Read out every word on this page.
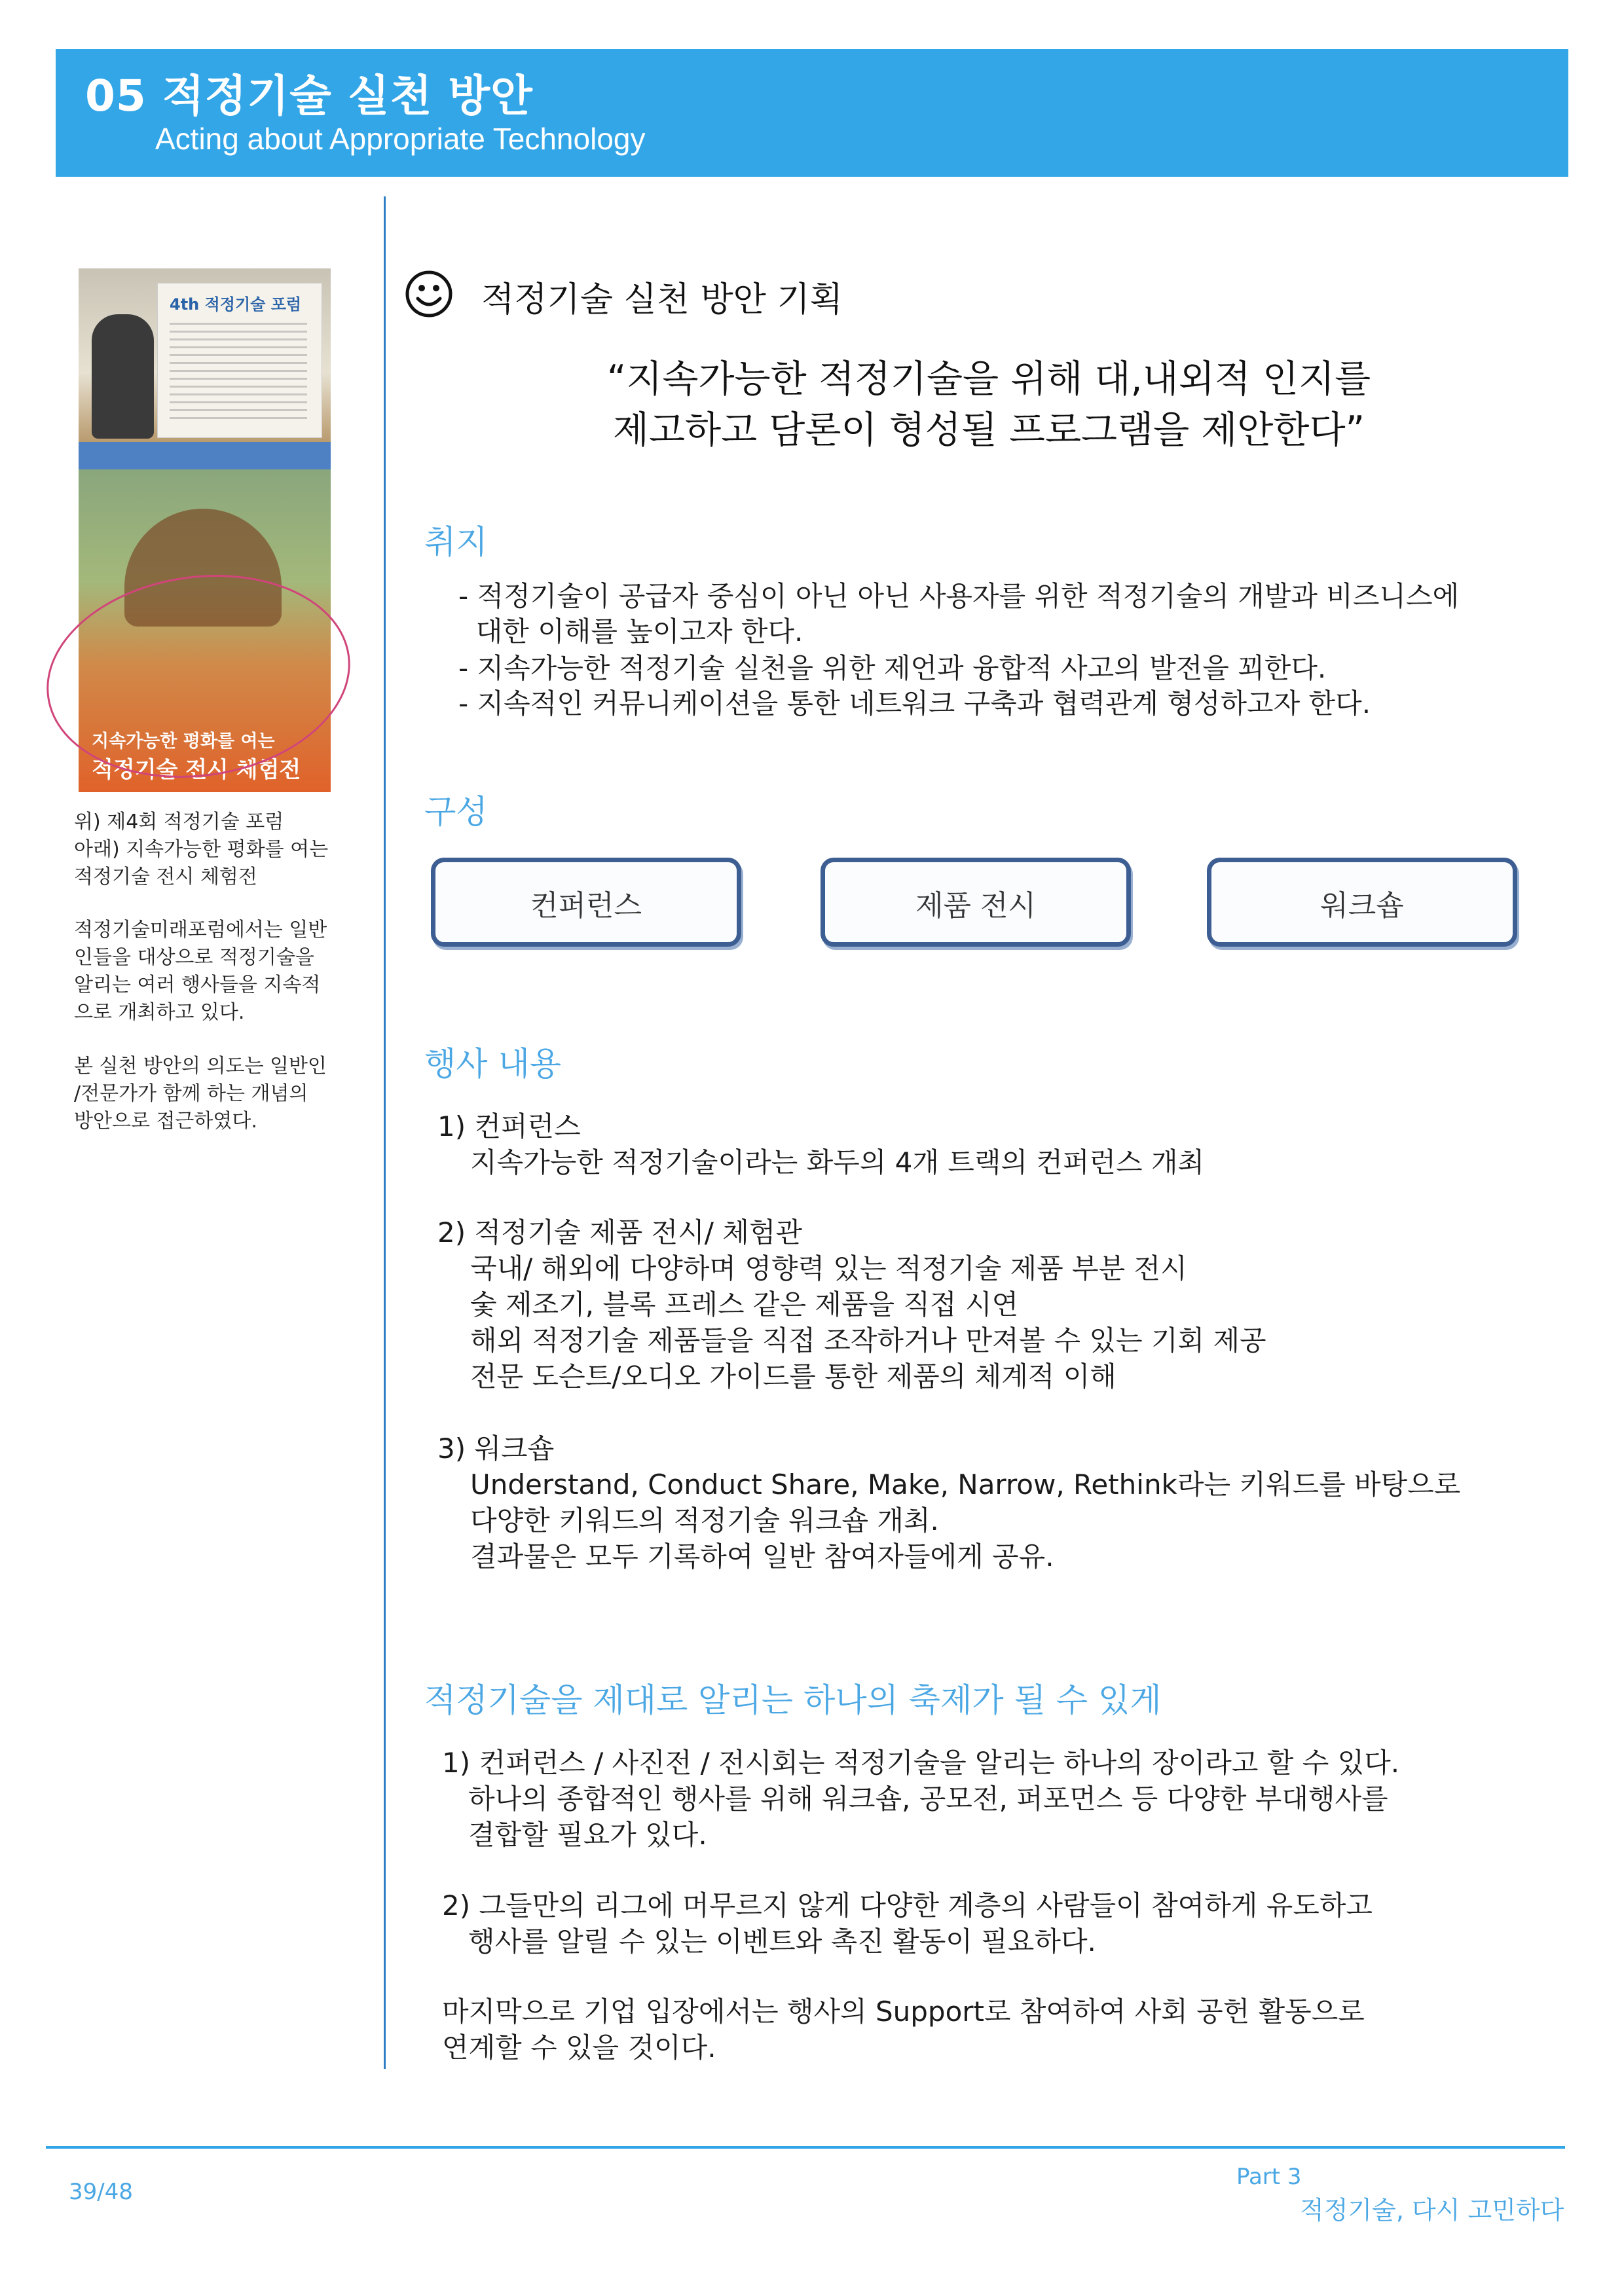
05 적정기술 실천 방안
Acting about Appropriate Technology
4th 적정기술 포럼
지속가능한 평화를 여는
적정기술 전시 체험전
위) 제4회 적정기술 포럼
아래) 지속가능한 평화를 여는
적정기술 전시 체험전
적정기술미래포럼에서는 일반
인들을 대상으로 적정기술을
알리는 여러 행사들을 지속적
으로 개최하고 있다.
본 실천 방안의 의도는 일반인
/전문가가 함께 하는 개념의
방안으로 접근하였다.
적정기술 실천 방안 기획
“지속가능한 적정기술을 위해 대,내외적 인지를
제고하고 담론이 형성될 프로그램을 제안한다”
취지
- 적정기술이 공급자 중심이 아닌 아닌 사용자를 위한 적정기술의 개발과 비즈니스에
대한 이해를 높이고자 한다.
- 지속가능한 적정기술 실천을 위한 제언과 융합적 사고의 발전을 꾀한다.
- 지속적인 커뮤니케이션을 통한 네트워크 구축과 협력관계 형성하고자 한다.
구성
컨퍼런스	제품 전시	워크숍
행사 내용
1) 컨퍼런스
지속가능한 적정기술이라는 화두의 4개 트랙의 컨퍼런스 개최
2) 적정기술 제품 전시/ 체험관
국내/ 해외에 다양하며 영향력 있는 적정기술 제품 부분 전시
숯 제조기, 블록 프레스 같은 제품을 직접 시연
해외 적정기술 제품들을 직접 조작하거나 만져볼 수 있는 기회 제공
전문 도슨트/오디오 가이드를 통한 제품의 체계적 이해
3) 워크숍
Understand, Conduct Share, Make, Narrow, Rethink라는 키워드를 바탕으로
다양한 키워드의 적정기술 워크숍 개최.
결과물은 모두 기록하여 일반 참여자들에게 공유.
적정기술을 제대로 알리는 하나의 축제가 될 수 있게
1) 컨퍼런스 / 사진전 / 전시회는 적정기술을 알리는 하나의 장이라고 할 수 있다.
하나의 종합적인 행사를 위해 워크숍, 공모전, 퍼포먼스 등 다양한 부대행사를
결합할 필요가 있다.
2) 그들만의 리그에 머무르지 않게 다양한 계층의 사람들이 참여하게 유도하고
행사를 알릴 수 있는 이벤트와 촉진 활동이 필요하다.
마지막으로 기업 입장에서는 행사의 Support로 참여하여 사회 공헌 활동으로
연계할 수 있을 것이다.
39/48
Part 3
적정기술, 다시 고민하다
